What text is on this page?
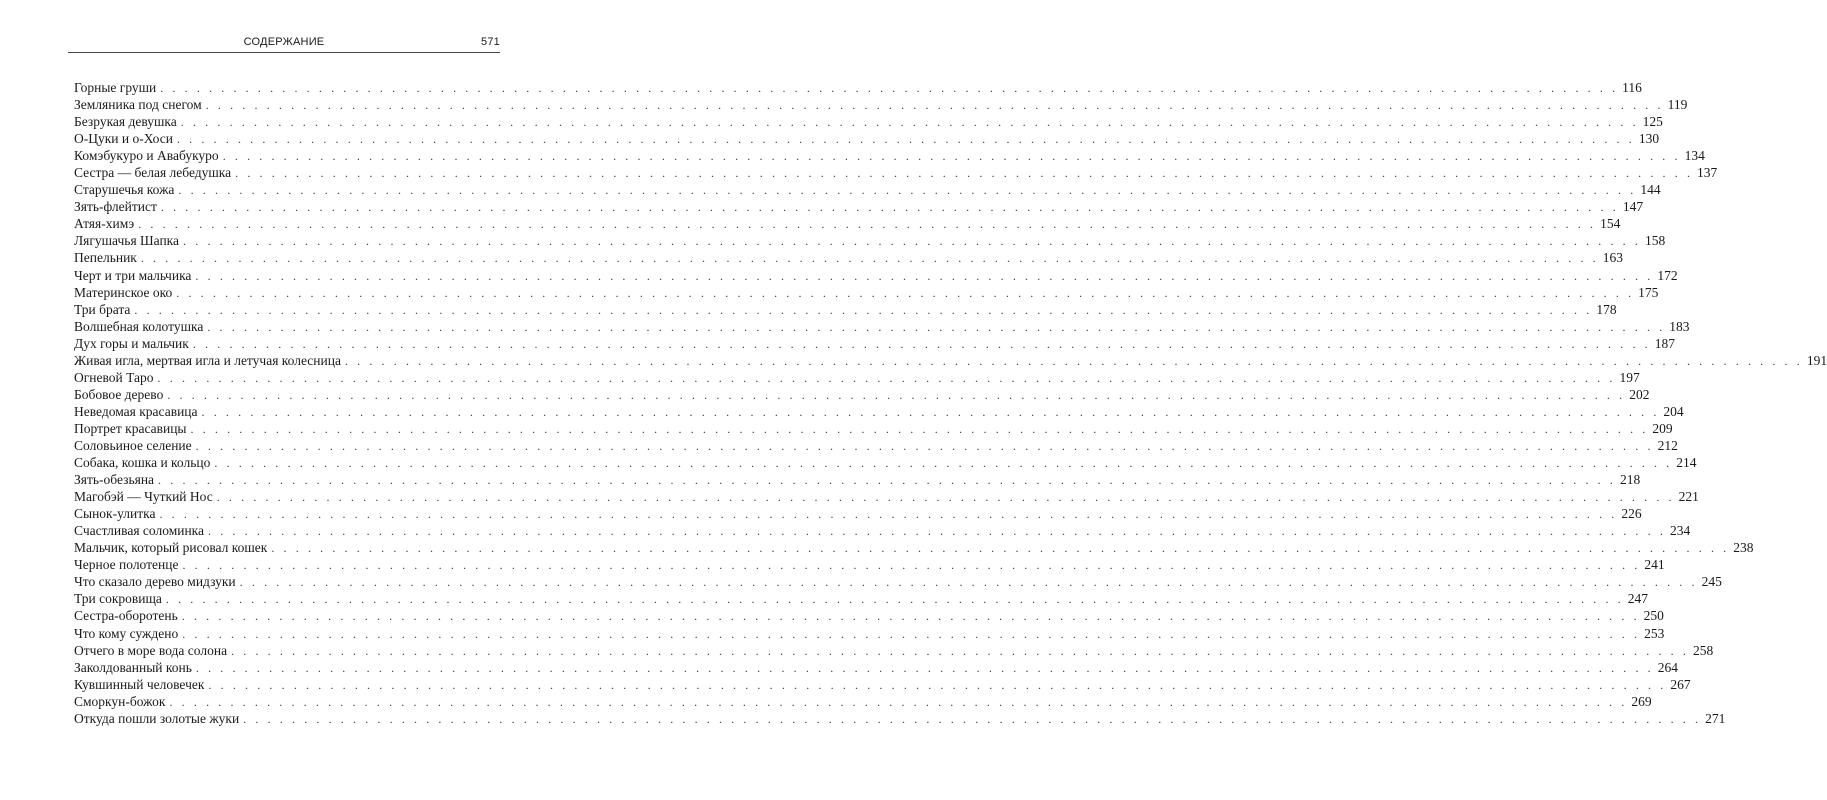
СОДЕРЖАНИЕ	571
Горные груши . . . . . . . . . . . . . . . . . . . . . . . . . . . . . . . . . . . . . . . . . . . . . . . . . . . . . . . . . . . . . . . . . . . . . . . . . . . . . . . . . . . . . . . . . . . . . . . . . . . . . . . . . . . . . . . . . . . . . . . . 116
Земляника под снегом . . . . . . . . . . . . . . . . . . . . . . . . . . . . . . . . . . . . . . . . . . . . . . . . . . . . . . . . . . . . . . . . . . . . . . . . . . . . . . . . . . . . . . . . . . . . . . . . . . . . . . . . . . . . . . . . . . . . . . . . 119
Безрукая девушка . . . . . . . . . . . . . . . . . . . . . . . . . . . . . . . . . . . . . . . . . . . . . . . . . . . . . . . . . . . . . . . . . . . . . . . . . . . . . . . . . . . . . . . . . . . . . . . . . . . . . . . . . . . . . . . . . . . . . . . . 125
О-Цуки и о-Хоси . . . . . . . . . . . . . . . . . . . . . . . . . . . . . . . . . . . . . . . . . . . . . . . . . . . . . . . . . . . . . . . . . . . . . . . . . . . . . . . . . . . . . . . . . . . . . . . . . . . . . . . . . . . . . . . . . . . . . . . . 130
Комэбукуро и Авабукуро . . . . . . . . . . . . . . . . . . . . . . . . . . . . . . . . . . . . . . . . . . . . . . . . . . . . . . . . . . . . . . . . . . . . . . . . . . . . . . . . . . . . . . . . . . . . . . . . . . . . . . . . . . . . . . . . . . . . . . . . 134
Сестра — белая лебедушка . . . . . . . . . . . . . . . . . . . . . . . . . . . . . . . . . . . . . . . . . . . . . . . . . . . . . . . . . . . . . . . . . . . . . . . . . . . . . . . . . . . . . . . . . . . . . . . . . . . . . . . . . . . . . . . . . . . . . . . . 137
Старушечья кожа . . . . . . . . . . . . . . . . . . . . . . . . . . . . . . . . . . . . . . . . . . . . . . . . . . . . . . . . . . . . . . . . . . . . . . . . . . . . . . . . . . . . . . . . . . . . . . . . . . . . . . . . . . . . . . . . . . . . . . . . 144
Зять-флейтист . . . . . . . . . . . . . . . . . . . . . . . . . . . . . . . . . . . . . . . . . . . . . . . . . . . . . . . . . . . . . . . . . . . . . . . . . . . . . . . . . . . . . . . . . . . . . . . . . . . . . . . . . . . . . . . . . . . . . . . . 147
Атяя-химэ . . . . . . . . . . . . . . . . . . . . . . . . . . . . . . . . . . . . . . . . . . . . . . . . . . . . . . . . . . . . . . . . . . . . . . . . . . . . . . . . . . . . . . . . . . . . . . . . . . . . . . . . . . . . . . . . . . . . . . . . 154
Лягушачья Шапка . . . . . . . . . . . . . . . . . . . . . . . . . . . . . . . . . . . . . . . . . . . . . . . . . . . . . . . . . . . . . . . . . . . . . . . . . . . . . . . . . . . . . . . . . . . . . . . . . . . . . . . . . . . . . . . . . . . . . . . . 158
Пепельник . . . . . . . . . . . . . . . . . . . . . . . . . . . . . . . . . . . . . . . . . . . . . . . . . . . . . . . . . . . . . . . . . . . . . . . . . . . . . . . . . . . . . . . . . . . . . . . . . . . . . . . . . . . . . . . . . . . . . . . . 163
Черт и три мальчика . . . . . . . . . . . . . . . . . . . . . . . . . . . . . . . . . . . . . . . . . . . . . . . . . . . . . . . . . . . . . . . . . . . . . . . . . . . . . . . . . . . . . . . . . . . . . . . . . . . . . . . . . . . . . . . . . . . . . . . . 172
Материнское око . . . . . . . . . . . . . . . . . . . . . . . . . . . . . . . . . . . . . . . . . . . . . . . . . . . . . . . . . . . . . . . . . . . . . . . . . . . . . . . . . . . . . . . . . . . . . . . . . . . . . . . . . . . . . . . . . . . . . . . . 175
Три брата . . . . . . . . . . . . . . . . . . . . . . . . . . . . . . . . . . . . . . . . . . . . . . . . . . . . . . . . . . . . . . . . . . . . . . . . . . . . . . . . . . . . . . . . . . . . . . . . . . . . . . . . . . . . . . . . . . . . . . . . 178
Волшебная колотушка . . . . . . . . . . . . . . . . . . . . . . . . . . . . . . . . . . . . . . . . . . . . . . . . . . . . . . . . . . . . . . . . . . . . . . . . . . . . . . . . . . . . . . . . . . . . . . . . . . . . . . . . . . . . . . . . . . . . . . . . 183
Дух горы и мальчик . . . . . . . . . . . . . . . . . . . . . . . . . . . . . . . . . . . . . . . . . . . . . . . . . . . . . . . . . . . . . . . . . . . . . . . . . . . . . . . . . . . . . . . . . . . . . . . . . . . . . . . . . . . . . . . . . . . . . . . . 187
Живая игла, мертвая игла и летучая колесница . . . . . . . . . . . . . . . . . . . . . . . . . . . . . . . . . . . . . . . . . . . . . . . . . . . . . . . . . . . . . . . . . . . . . . . . . . . . . . . . . . . . . . . . . . . . . . . . . . . . . . . . . . . . . . . . . . . . . . . . 191
Огневой Таро . . . . . . . . . . . . . . . . . . . . . . . . . . . . . . . . . . . . . . . . . . . . . . . . . . . . . . . . . . . . . . . . . . . . . . . . . . . . . . . . . . . . . . . . . . . . . . . . . . . . . . . . . . . . . . . . . . . . . . . . 197
Бобовое дерево . . . . . . . . . . . . . . . . . . . . . . . . . . . . . . . . . . . . . . . . . . . . . . . . . . . . . . . . . . . . . . . . . . . . . . . . . . . . . . . . . . . . . . . . . . . . . . . . . . . . . . . . . . . . . . . . . . . . . . . . 202
Неведомая красавица . . . . . . . . . . . . . . . . . . . . . . . . . . . . . . . . . . . . . . . . . . . . . . . . . . . . . . . . . . . . . . . . . . . . . . . . . . . . . . . . . . . . . . . . . . . . . . . . . . . . . . . . . . . . . . . . . . . . . . . . 204
Портрет красавицы . . . . . . . . . . . . . . . . . . . . . . . . . . . . . . . . . . . . . . . . . . . . . . . . . . . . . . . . . . . . . . . . . . . . . . . . . . . . . . . . . . . . . . . . . . . . . . . . . . . . . . . . . . . . . . . . . . . . . . . . 209
Соловьиное селение . . . . . . . . . . . . . . . . . . . . . . . . . . . . . . . . . . . . . . . . . . . . . . . . . . . . . . . . . . . . . . . . . . . . . . . . . . . . . . . . . . . . . . . . . . . . . . . . . . . . . . . . . . . . . . . . . . . . . . . . 212
Собака, кошка и кольцо . . . . . . . . . . . . . . . . . . . . . . . . . . . . . . . . . . . . . . . . . . . . . . . . . . . . . . . . . . . . . . . . . . . . . . . . . . . . . . . . . . . . . . . . . . . . . . . . . . . . . . . . . . . . . . . . . . . . . . . . 214
Зять-обезьяна . . . . . . . . . . . . . . . . . . . . . . . . . . . . . . . . . . . . . . . . . . . . . . . . . . . . . . . . . . . . . . . . . . . . . . . . . . . . . . . . . . . . . . . . . . . . . . . . . . . . . . . . . . . . . . . . . . . . . . . . 218
Магобэй — Чуткий Нос . . . . . . . . . . . . . . . . . . . . . . . . . . . . . . . . . . . . . . . . . . . . . . . . . . . . . . . . . . . . . . . . . . . . . . . . . . . . . . . . . . . . . . . . . . . . . . . . . . . . . . . . . . . . . . . . . . . . . . . . 221
Сынок-улитка . . . . . . . . . . . . . . . . . . . . . . . . . . . . . . . . . . . . . . . . . . . . . . . . . . . . . . . . . . . . . . . . . . . . . . . . . . . . . . . . . . . . . . . . . . . . . . . . . . . . . . . . . . . . . . . . . . . . . . . . 226
Счастливая соломинка . . . . . . . . . . . . . . . . . . . . . . . . . . . . . . . . . . . . . . . . . . . . . . . . . . . . . . . . . . . . . . . . . . . . . . . . . . . . . . . . . . . . . . . . . . . . . . . . . . . . . . . . . . . . . . . . . . . . . . . . 234
Мальчик, который рисовал кошек . . . . . . . . . . . . . . . . . . . . . . . . . . . . . . . . . . . . . . . . . . . . . . . . . . . . . . . . . . . . . . . . . . . . . . . . . . . . . . . . . . . . . . . . . . . . . . . . . . . . . . . . . . . . . . . . . . . . . . . . 238
Черное полотенце . . . . . . . . . . . . . . . . . . . . . . . . . . . . . . . . . . . . . . . . . . . . . . . . . . . . . . . . . . . . . . . . . . . . . . . . . . . . . . . . . . . . . . . . . . . . . . . . . . . . . . . . . . . . . . . . . . . . . . . . 241
Что сказало дерево мидзуки . . . . . . . . . . . . . . . . . . . . . . . . . . . . . . . . . . . . . . . . . . . . . . . . . . . . . . . . . . . . . . . . . . . . . . . . . . . . . . . . . . . . . . . . . . . . . . . . . . . . . . . . . . . . . . . . . . . . . . . . 245
Три сокровища . . . . . . . . . . . . . . . . . . . . . . . . . . . . . . . . . . . . . . . . . . . . . . . . . . . . . . . . . . . . . . . . . . . . . . . . . . . . . . . . . . . . . . . . . . . . . . . . . . . . . . . . . . . . . . . . . . . . . . . . 247
Сестра-оборотень . . . . . . . . . . . . . . . . . . . . . . . . . . . . . . . . . . . . . . . . . . . . . . . . . . . . . . . . . . . . . . . . . . . . . . . . . . . . . . . . . . . . . . . . . . . . . . . . . . . . . . . . . . . . . . . . . . . . . . . . 250
Что кому суждено . . . . . . . . . . . . . . . . . . . . . . . . . . . . . . . . . . . . . . . . . . . . . . . . . . . . . . . . . . . . . . . . . . . . . . . . . . . . . . . . . . . . . . . . . . . . . . . . . . . . . . . . . . . . . . . . . . . . . . . . 253
Отчего в море вода солона . . . . . . . . . . . . . . . . . . . . . . . . . . . . . . . . . . . . . . . . . . . . . . . . . . . . . . . . . . . . . . . . . . . . . . . . . . . . . . . . . . . . . . . . . . . . . . . . . . . . . . . . . . . . . . . . . . . . . . . . 258
Заколдованный конь . . . . . . . . . . . . . . . . . . . . . . . . . . . . . . . . . . . . . . . . . . . . . . . . . . . . . . . . . . . . . . . . . . . . . . . . . . . . . . . . . . . . . . . . . . . . . . . . . . . . . . . . . . . . . . . . . . . . . . . . 264
Кувшинный человечек . . . . . . . . . . . . . . . . . . . . . . . . . . . . . . . . . . . . . . . . . . . . . . . . . . . . . . . . . . . . . . . . . . . . . . . . . . . . . . . . . . . . . . . . . . . . . . . . . . . . . . . . . . . . . . . . . . . . . . . . 267
Сморкун-божок . . . . . . . . . . . . . . . . . . . . . . . . . . . . . . . . . . . . . . . . . . . . . . . . . . . . . . . . . . . . . . . . . . . . . . . . . . . . . . . . . . . . . . . . . . . . . . . . . . . . . . . . . . . . . . . . . . . . . . . . 269
Откуда пошли золотые жуки . . . . . . . . . . . . . . . . . . . . . . . . . . . . . . . . . . . . . . . . . . . . . . . . . . . . . . . . . . . . . . . . . . . . . . . . . . . . . . . . . . . . . . . . . . . . . . . . . . . . . . . . . . . . . . . . . . . . . . . . 271
